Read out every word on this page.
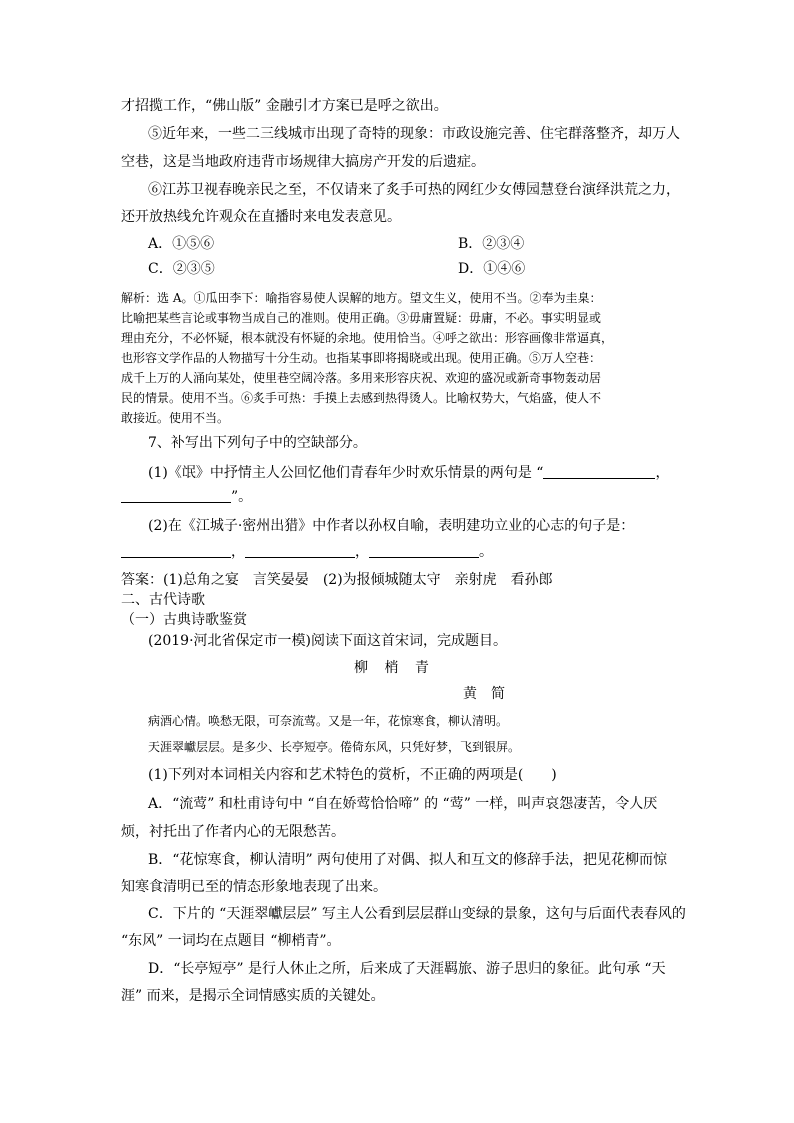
才招揽工作，“佛山版” 金融引才方案已是呼之欲出。
⑤近年来，一些二三线城市出现了奇特的现象：市政设施完善、住宅群落整齐，却万人
空巷，这是当地政府违背市场规律大搞房产开发的后遗症。
⑥江苏卫视春晚亲民之至，不仅请来了炙手可热的网红少女傅园慧登台演绎洪荒之力，
还开放热线允许观众在直播时来电发表意见。
A．①⑤⑥	B．②③④
C．②③⑤	D．①④⑥
解析：选 A。①瓜田李下：喻指容易使人误解的地方。望文生义，使用不当。②奉为圭臬：
比喻把某些言论或事物当成自己的准则。使用正确。③毋庸置疑：毋庸，不必。事实明显或
理由充分，不必怀疑，根本就没有怀疑的余地。使用恰当。④呼之欲出：形容画像非常逼真，
也形容文学作品的人物描写十分生动。也指某事即将揭晓或出现。使用正确。⑤万人空巷：
成千上万的人涌向某处，使里巷空阔冷落。多用来形容庆祝、欢迎的盛况或新奇事物轰动居
民的情景。使用不当。⑥炙手可热：手摸上去感到热得烫人。比喻权势大，气焰盛，使人不
敢接近。使用不当。
7、补写出下列句子中的空缺部分。
(1)《氓》中抒情主人公回忆他们青春年少时欢乐情景的两句是 “	，
”。
(2)在《江城子·密州出猎》中作者以孙权自喻，表明建功立业的心志的句子是：
，	，	。
答案：(1)总角之宴　言笑晏晏　(2)为报倾城随太守　亲射虎　看孙郎
二、古代诗歌
（一）古典诗歌鉴赏
(2019·河北省保定市一模)阅读下面这首宋词，完成题目。
柳 梢 青
黄　简
病酒心情。唤愁无限，可奈流莺。又是一年，花惊寒食，柳认清明。
天涯翠巘层层。是多少、长亭短亭。倦倚东风，只凭好梦，飞到银屏。
(1)下列对本词相关内容和艺术特色的赏析，不正确的两项是(　　)
A．“流莺” 和杜甫诗句中 “自在娇莺恰恰啼” 的 “莺” 一样，叫声哀怨凄苦，令人厌
烦，衬托出了作者内心的无限愁苦。
B．“花惊寒食，柳认清明” 两句使用了对偶、拟人和互文的修辞手法，把见花柳而惊
知寒食清明已至的情态形象地表现了出来。
C．下片的 “天涯翠巘层层” 写主人公看到层层群山变绿的景象，这句与后面代表春风的
“东风” 一词均在点题目 “柳梢青”。
D．“长亭短亭” 是行人休止之所，后来成了天涯羁旅、游子思归的象征。此句承 “天
涯” 而来，是揭示全词情感实质的关键处。
